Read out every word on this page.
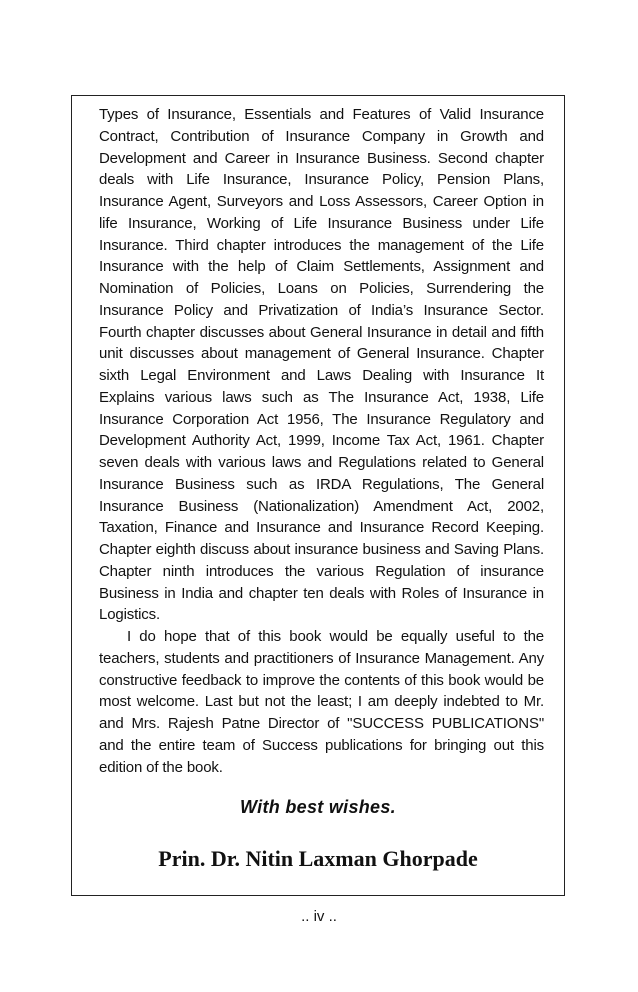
Types of Insurance, Essentials and Features of Valid Insurance Contract, Contribution of Insurance Company in Growth and Development and Career in Insurance Business. Second chapter deals with Life Insurance, Insurance Policy, Pension Plans, Insurance Agent, Surveyors and Loss Assessors, Career Option in life Insurance, Working of Life Insurance Business under Life Insurance. Third chapter introduces the management of the Life Insurance with the help of Claim Settlements, Assignment and Nomination of Policies, Loans on Policies, Surrendering the Insurance Policy and Privatization of India’s Insurance Sector. Fourth chapter discusses about General Insurance in detail and fifth unit discusses about management of General Insurance. Chapter sixth Legal Environment and Laws Dealing with Insurance It Explains various laws such as The Insurance Act, 1938, Life Insurance Corporation Act 1956, The Insurance Regulatory and Development Authority Act, 1999, Income Tax Act, 1961. Chapter seven deals with various laws and Regulations related to General Insurance Business such as IRDA Regulations, The General Insurance Business (Nationalization) Amendment Act, 2002, Taxation, Finance and Insurance and Insurance Record Keeping. Chapter eighth discuss about insurance business and Saving Plans. Chapter ninth introduces the various Regulation of insurance Business in India and chapter ten deals with Roles of Insurance in Logistics.

I do hope that of this book would be equally useful to the teachers, students and practitioners of Insurance Management. Any constructive feedback to improve the contents of this book would be most welcome. Last but not the least; I am deeply indebted to Mr. and Mrs. Rajesh Patne Director of "SUCCESS PUBLICATIONS" and the entire team of Success publications for bringing out this edition of the book.

With best wishes.
Prin. Dr. Nitin Laxman Ghorpade
.. iv ..
